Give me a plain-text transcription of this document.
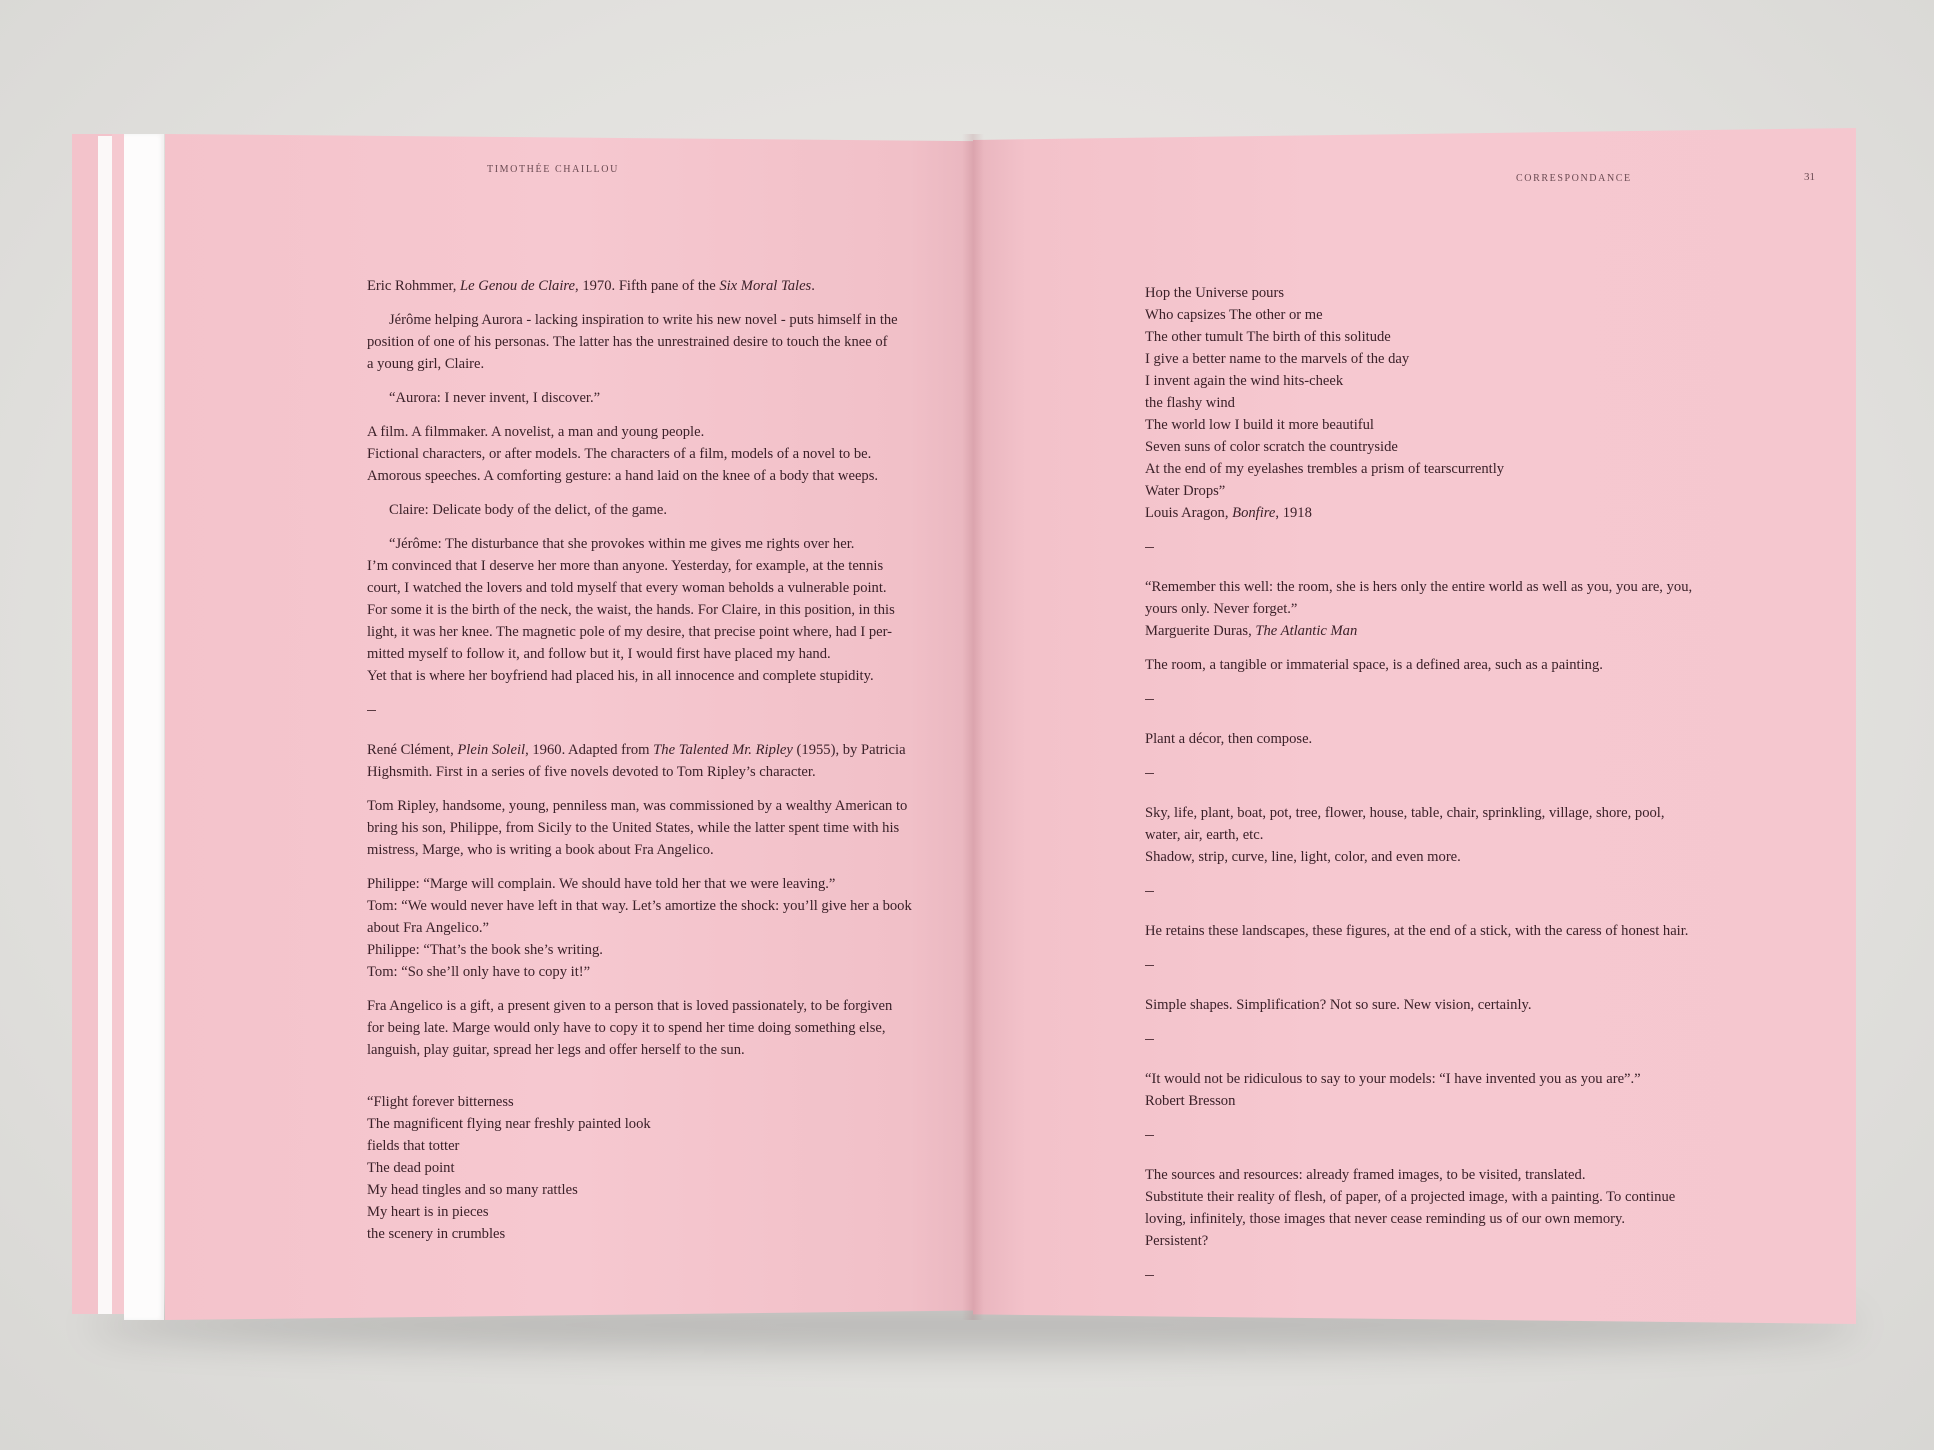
TIMOTHÉE CHAILLOU
CORRESPONDANCE	31
Eric Rohmmer, Le Genou de Claire, 1970. Fifth pane of the Six Moral Tales.
Jérôme helping Aurora - lacking inspiration to write his new novel - puts himself in the
position of one of his personas. The latter has the unrestrained desire to touch the knee of
a young girl, Claire.
“Aurora: I never invent, I discover.”
A film. A filmmaker. A novelist, a man and young people.
Fictional characters, or after models. The characters of a film, models of a novel to be.
Amorous speeches. A comforting gesture: a hand laid on the knee of a body that weeps.
Claire: Delicate body of the delict, of the game.
“Jérôme: The disturbance that she provokes within me gives me rights over her.
I’m convinced that I deserve her more than anyone. Yesterday, for example, at the tennis
court, I watched the lovers and told myself that every woman beholds a vulnerable point.
For some it is the birth of the neck, the waist, the hands. For Claire, in this position, in this
light, it was her knee. The magnetic pole of my desire, that precise point where, had I per-
mitted myself to follow it, and follow but it, I would first have placed my hand.
Yet that is where her boyfriend had placed his, in all innocence and complete stupidity.
René Clément, Plein Soleil, 1960. Adapted from The Talented Mr. Ripley (1955), by Patricia
Highsmith. First in a series of five novels devoted to Tom Ripley’s character.
Tom Ripley, handsome, young, penniless man, was commissioned by a wealthy American to
bring his son, Philippe, from Sicily to the United States, while the latter spent time with his
mistress, Marge, who is writing a book about Fra Angelico.
Philippe: “Marge will complain. We should have told her that we were leaving.”
Tom: “We would never have left in that way. Let’s amortize the shock: you’ll give her a book
about Fra Angelico.”
Philippe: “That’s the book she’s writing.
Tom: “So she’ll only have to copy it!”
Fra Angelico is a gift, a present given to a person that is loved passionately, to be forgiven
for being late. Marge would only have to copy it to spend her time doing something else,
languish, play guitar, spread her legs and offer herself to the sun.
“Flight forever bitterness
The magnificent flying near freshly painted look
fields that totter
The dead point
My head tingles and so many rattles
My heart is in pieces
the scenery in crumbles
Hop the Universe pours
Who capsizes The other or me
The other tumult The birth of this solitude
I give a better name to the marvels of the day
I invent again the wind hits-cheek
the flashy wind
The world low I build it more beautiful
Seven suns of color scratch the countryside
At the end of my eyelashes trembles a prism of tearscurrently
Water Drops”
Louis Aragon, Bonfire, 1918
“Remember this well: the room, she is hers only the entire world as well as you, you are, you,
yours only. Never forget.”
Marguerite Duras, The Atlantic Man
The room, a tangible or immaterial space, is a defined area, such as a painting.
Plant a décor, then compose.
Sky, life, plant, boat, pot, tree, flower, house, table, chair, sprinkling, village, shore, pool,
water, air, earth, etc.
Shadow, strip, curve, line, light, color, and even more.
He retains these landscapes, these figures, at the end of a stick, with the caress of honest hair.
Simple shapes. Simplification? Not so sure. New vision, certainly.
“It would not be ridiculous to say to your models: “I have invented you as you are”.”
Robert Bresson
The sources and resources: already framed images, to be visited, translated.
Substitute their reality of flesh, of paper, of a projected image, with a painting. To continue
loving, infinitely, those images that never cease reminding us of our own memory.
Persistent?
